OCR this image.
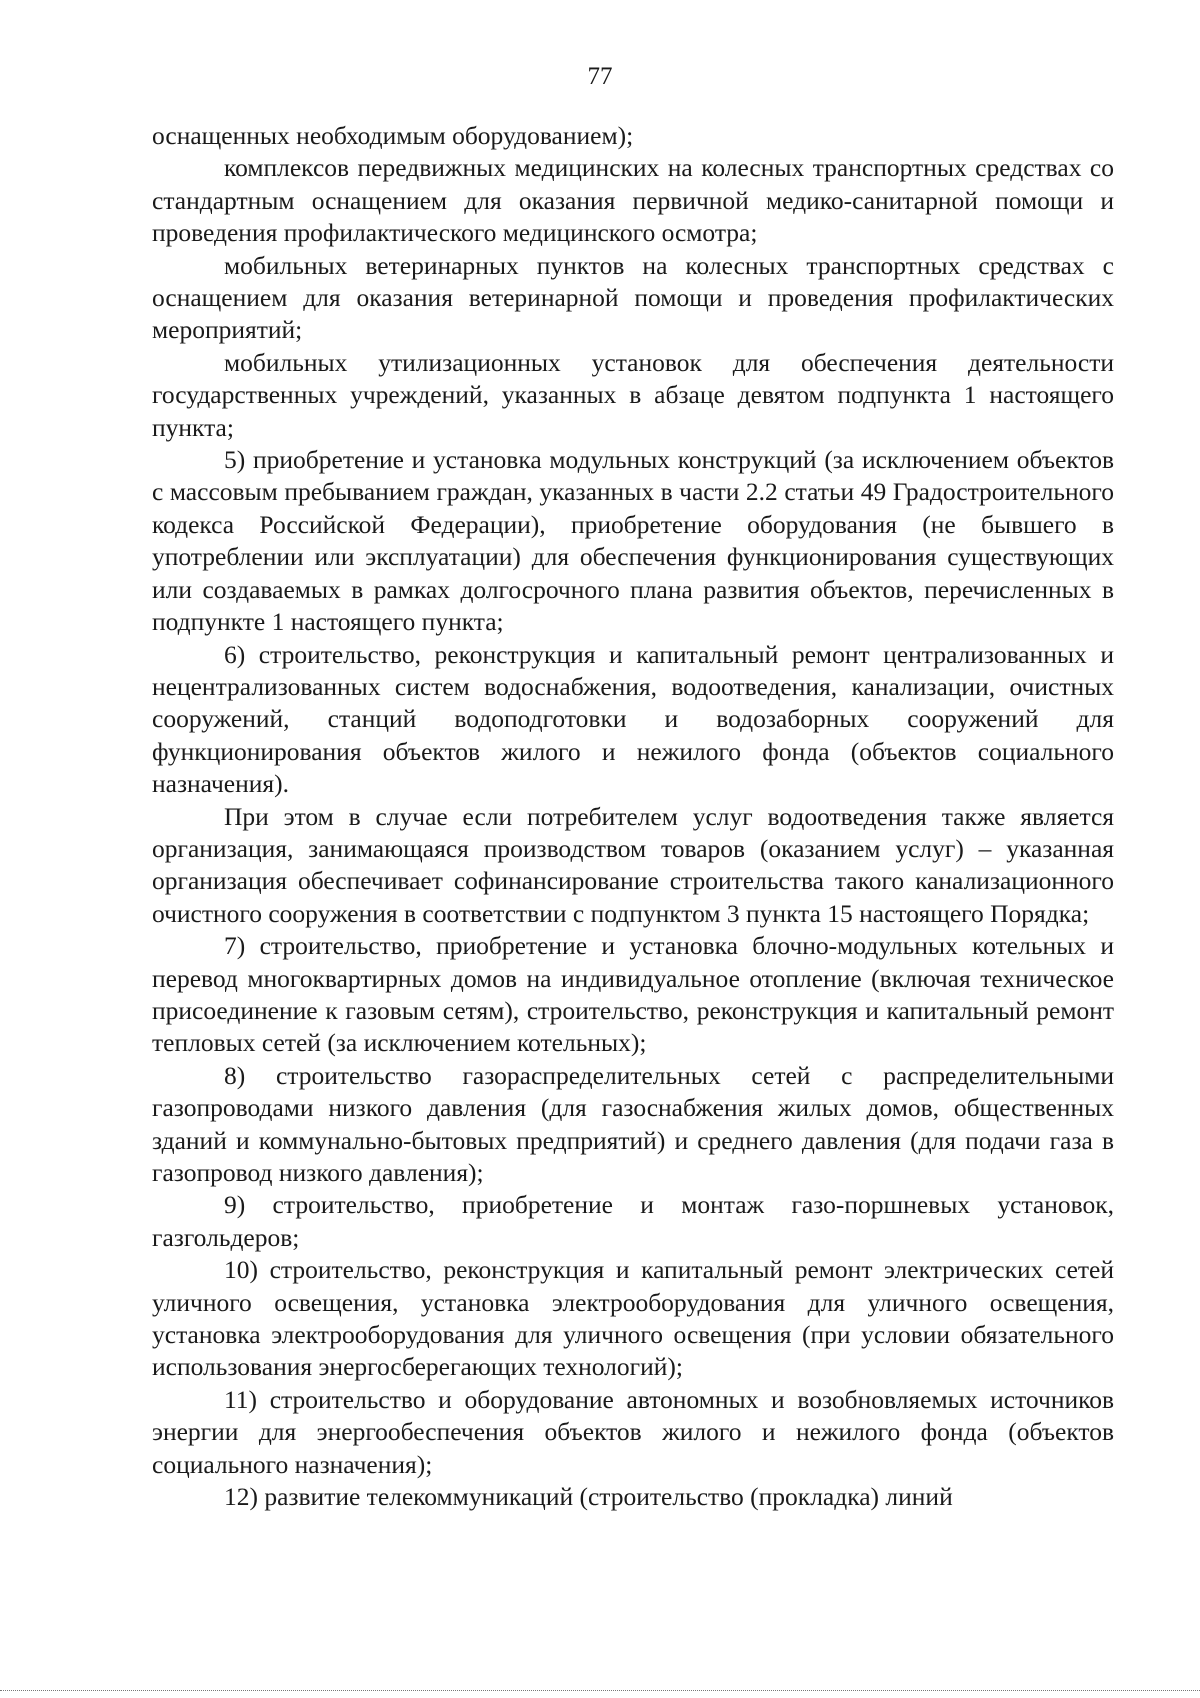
77

оснащенных необходимым оборудованием);

комплексов передвижных медицинских на колесных транспортных средствах со стандартным оснащением для оказания первичной медико-санитарной помощи и проведения профилактического медицинского осмотра;

мобильных ветеринарных пунктов на колесных транспортных средствах с оснащением для оказания ветеринарной помощи и проведения профилактических мероприятий;

мобильных утилизационных установок для обеспечения деятельности государственных учреждений, указанных в абзаце девятом подпункта 1 настоящего пункта;

5) приобретение и установка модульных конструкций (за исключением объектов с массовым пребыванием граждан, указанных в части 2.2 статьи 49 Градостроительного кодекса Российской Федерации), приобретение оборудования (не бывшего в употреблении или эксплуатации) для обеспечения функционирования существующих или создаваемых в рамках долгосрочного плана развития объектов, перечисленных в подпункте 1 настоящего пункта;

6) строительство, реконструкция и капитальный ремонт централизованных и нецентрализованных систем водоснабжения, водоотведения, канализации, очистных сооружений, станций водоподготовки и водозаборных сооружений для функционирования объектов жилого и нежилого фонда (объектов социального назначения).

При этом в случае если потребителем услуг водоотведения также является организация, занимающаяся производством товаров (оказанием услуг) – указанная организация обеспечивает софинансирование строительства такого канализационного очистного сооружения в соответствии с подпунктом 3 пункта 15 настоящего Порядка;

7) строительство, приобретение и установка блочно-модульных котельных и перевод многоквартирных домов на индивидуальное отопление (включая техническое присоединение к газовым сетям), строительство, реконструкция и капитальный ремонт тепловых сетей (за исключением котельных);

8) строительство газораспределительных сетей с распределительными газопроводами низкого давления (для газоснабжения жилых домов, общественных зданий и коммунально-бытовых предприятий) и среднего давления (для подачи газа в газопровод низкого давления);

9) строительство, приобретение и монтаж газо-поршневых установок, газгольдеров;

10) строительство, реконструкция и капитальный ремонт электрических сетей уличного освещения, установка электрооборудования для уличного освещения, установка электрооборудования для уличного освещения (при условии обязательного использования энергосберегающих технологий);

11) строительство и оборудование автономных и возобновляемых источников энергии для энергообеспечения объектов жилого и нежилого фонда (объектов социального назначения);

12) развитие телекоммуникаций (строительство (прокладка) линий
